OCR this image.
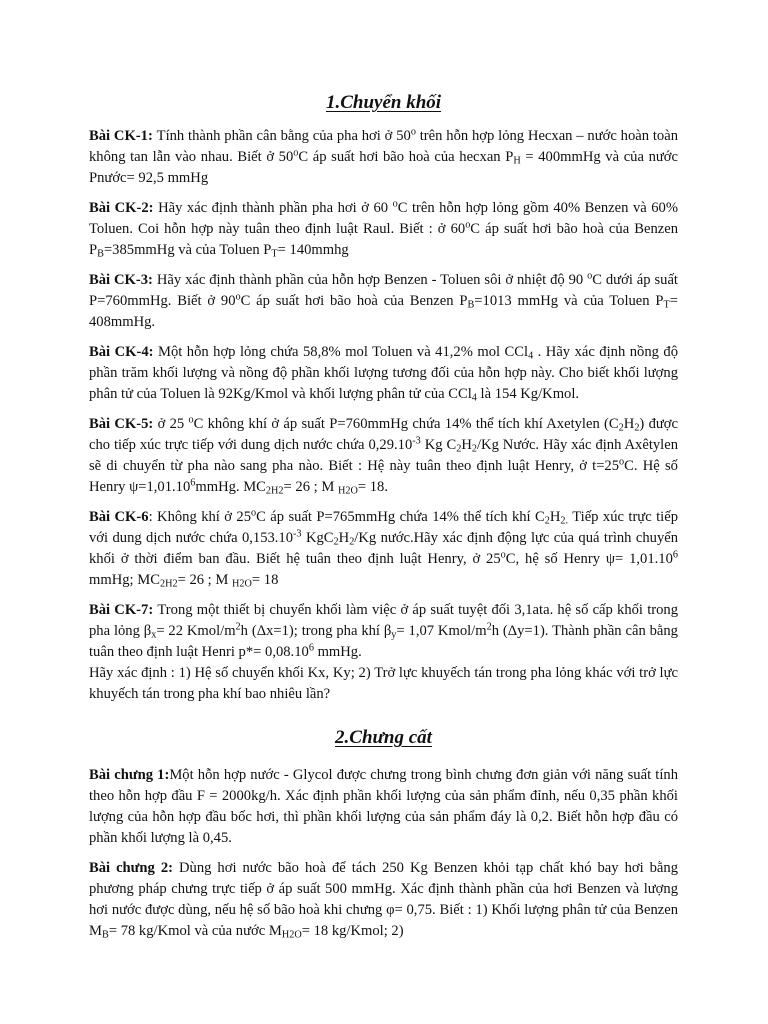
1.Chuyển khối

Bài CK-1: Tính thành phần cân bằng của pha hơi ở 50$^o$ trên hỗn hợp lỏng Hecxan – nước hoàn toàn không tan lẫn vào nhau. Biết ở 50$^o$C áp suất hơi bão hoà của hecxan $P_H$ = 400mmHg và của nước Pnước= 92,5 mmHg

Bài CK-2: Hãy xác định thành phần pha hơi ở 60 $^o$C trên hỗn hợp lỏng gồm 40% Benzen và 60% Toluen. Coi hỗn hợp này tuân theo định luật Raul. Biết : ở 60$^o$C áp suất hơi bão hoà của Benzen $P_B=385mmHg$ và của Toluen $P_T=$ 140mmhg

Bài CK-3: Hãy xác định thành phần của hỗn hợp Benzen - Toluen sôi ở nhiệt độ 90 $^o$C dưới áp suất P=760mmHg. Biết ở 90$^o$C áp suất hơi bão hoà của Benzen $P_B=1013$ mmHg và của Toluen $P_T=$ 408mmHg.

Bài CK-4: Một hỗn hợp lỏng chứa 58,8% mol Toluen và 41,2% mol CCl$_4$ . Hãy xác định nồng độ phần trăm khối lượng và nồng độ phần khối lượng tương đối của hỗn hợp này. Cho biết khối lượng phân tử của Toluen là 92Kg/Kmol và khối lượng phân tử của CCl$_4$ là 154 Kg/Kmol.

Bài CK-5: ở 25 $^o$C không khí ở áp suất P=760mmHg chứa 14% thể tích khí Axetylen $(C_2H_2)$ được cho tiếp xúc trực tiếp với dung dịch nước chứa $0,29.10^{-3}$ Kg $C_2H_2/Kg$ Nước. Hãy xác định Axêtylen sẽ di chuyển từ pha nào sang pha nào. Biết : Hệ này tuân theo định luật Henry, ở $t=25^oC$. Hệ số Henry $\psi=1,01.10^6mmHg$. $MC_{2H2}= 26$ ; M $_{H2O}$= 18.

Bài CK-6: Không khí ở 25$^o$C áp suất P=765mmHg chứa 14% thể tích khí $C_2H_{2.}$ Tiếp xúc trực tiếp với dung dịch nước chứa $0,153.10^{-3}$ $KgC_2H_2/Kg$ nước.Hãy xác định động lực của quá trình chuyển khối ở thời điểm ban đầu. Biết hệ tuân theo định luật Henry, ở 25$^o$C, hệ số Henry $\psi= 1,01.10^6$ mmHg; $MC_{2H2}= 26$ ; M $_{H2O}$= 18

Bài CK-7: Trong một thiết bị chuyển khối làm việc ở áp suất tuyệt đối 3,1ata. hệ số cấp khối trong pha lỏng $\beta_x= 22$ Kmol/$m^2h$ (Δx=1); trong pha khí $\beta_y= 1,07$ Kmol/$m^2h$ (Δy=1). Thành phần cân bằng tuân theo định luật Henri $p*= 0,08.10^6$ mmHg.

Hãy xác định : 1) Hệ số chuyển khối Kx, Ky; 2) Trở lực khuyếch tán trong pha lỏng khác với trở lực khuyếch tán trong pha khí bao nhiêu lần?

2.Chưng cất

Bài chưng 1:Một hỗn hợp nước - Glycol được chưng trong bình chưng đơn giản với năng suất tính theo hỗn hợp đầu F = 2000kg/h. Xác định phần khối lượng của sản phẩm đỉnh, nếu 0,35 phần khối lượng của hỗn hợp đầu bốc hơi, thì phần khối lượng của sản phẩm đáy là 0,2. Biết hỗn hợp đầu có phần khối lượng là 0,45.

Bài chưng 2: Dùng hơi nước bão hoà để tách 250 Kg Benzen khỏi tạp chất khó bay hơi bằng phương pháp chưng trực tiếp ở áp suất 500 mmHg. Xác định thành phần của hơi Benzen và lượng hơi nước được dùng, nếu hệ số bão hoà khi chưng φ= 0,75. Biết : 1) Khối lượng phân tử của Benzen $M_B= 78$ kg/Kmol và của nước $M_{H2O}= 18$ kg/Kmol; 2)
